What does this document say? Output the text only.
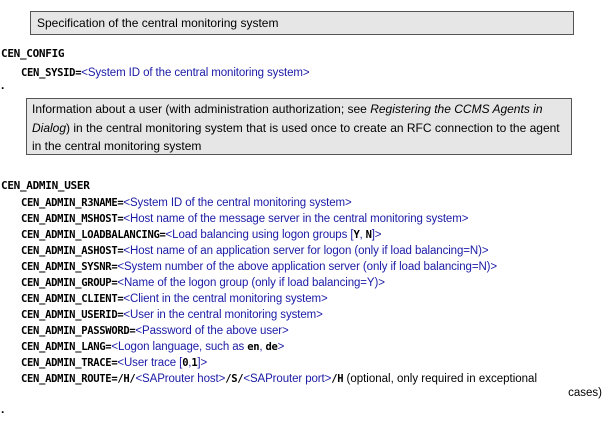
Specification of the central monitoring system
CEN_CONFIG
CEN_SYSID=<System ID of the central monitoring system>
.
Information about a user (with administration authorization; see Registering the CCMS Agents in Dialog) in the central monitoring system that is used once to create an RFC connection to the agent in the central monitoring system
CEN_ADMIN_USER
CEN_ADMIN_R3NAME=<System ID of the central monitoring system>
CEN_ADMIN_MSHOST=<Host name of the message server in the central monitoring system>
CEN_ADMIN_LOADBALANCING=<Load balancing using logon groups [Y, N]>
CEN_ADMIN_ASHOST=<Host name of an application server for logon (only if load balancing=N)>
CEN_ADMIN_SYSNR=<System number of the above application server (only if load balancing=N)>
CEN_ADMIN_GROUP=<Name of the logon group (only if load balancing=Y)>
CEN_ADMIN_CLIENT=<Client in the central monitoring system>
CEN_ADMIN_USERID=<User in the central monitoring system>
CEN_ADMIN_PASSWORD=<Password of the above user>
CEN_ADMIN_LANG=<Logon language, such as en, de>
CEN_ADMIN_TRACE=<User trace [0,1]>
CEN_ADMIN_ROUTE=/H/<SAProuter host>/S/<SAProuter port>/H (optional, only required in exceptional
cases)
.
